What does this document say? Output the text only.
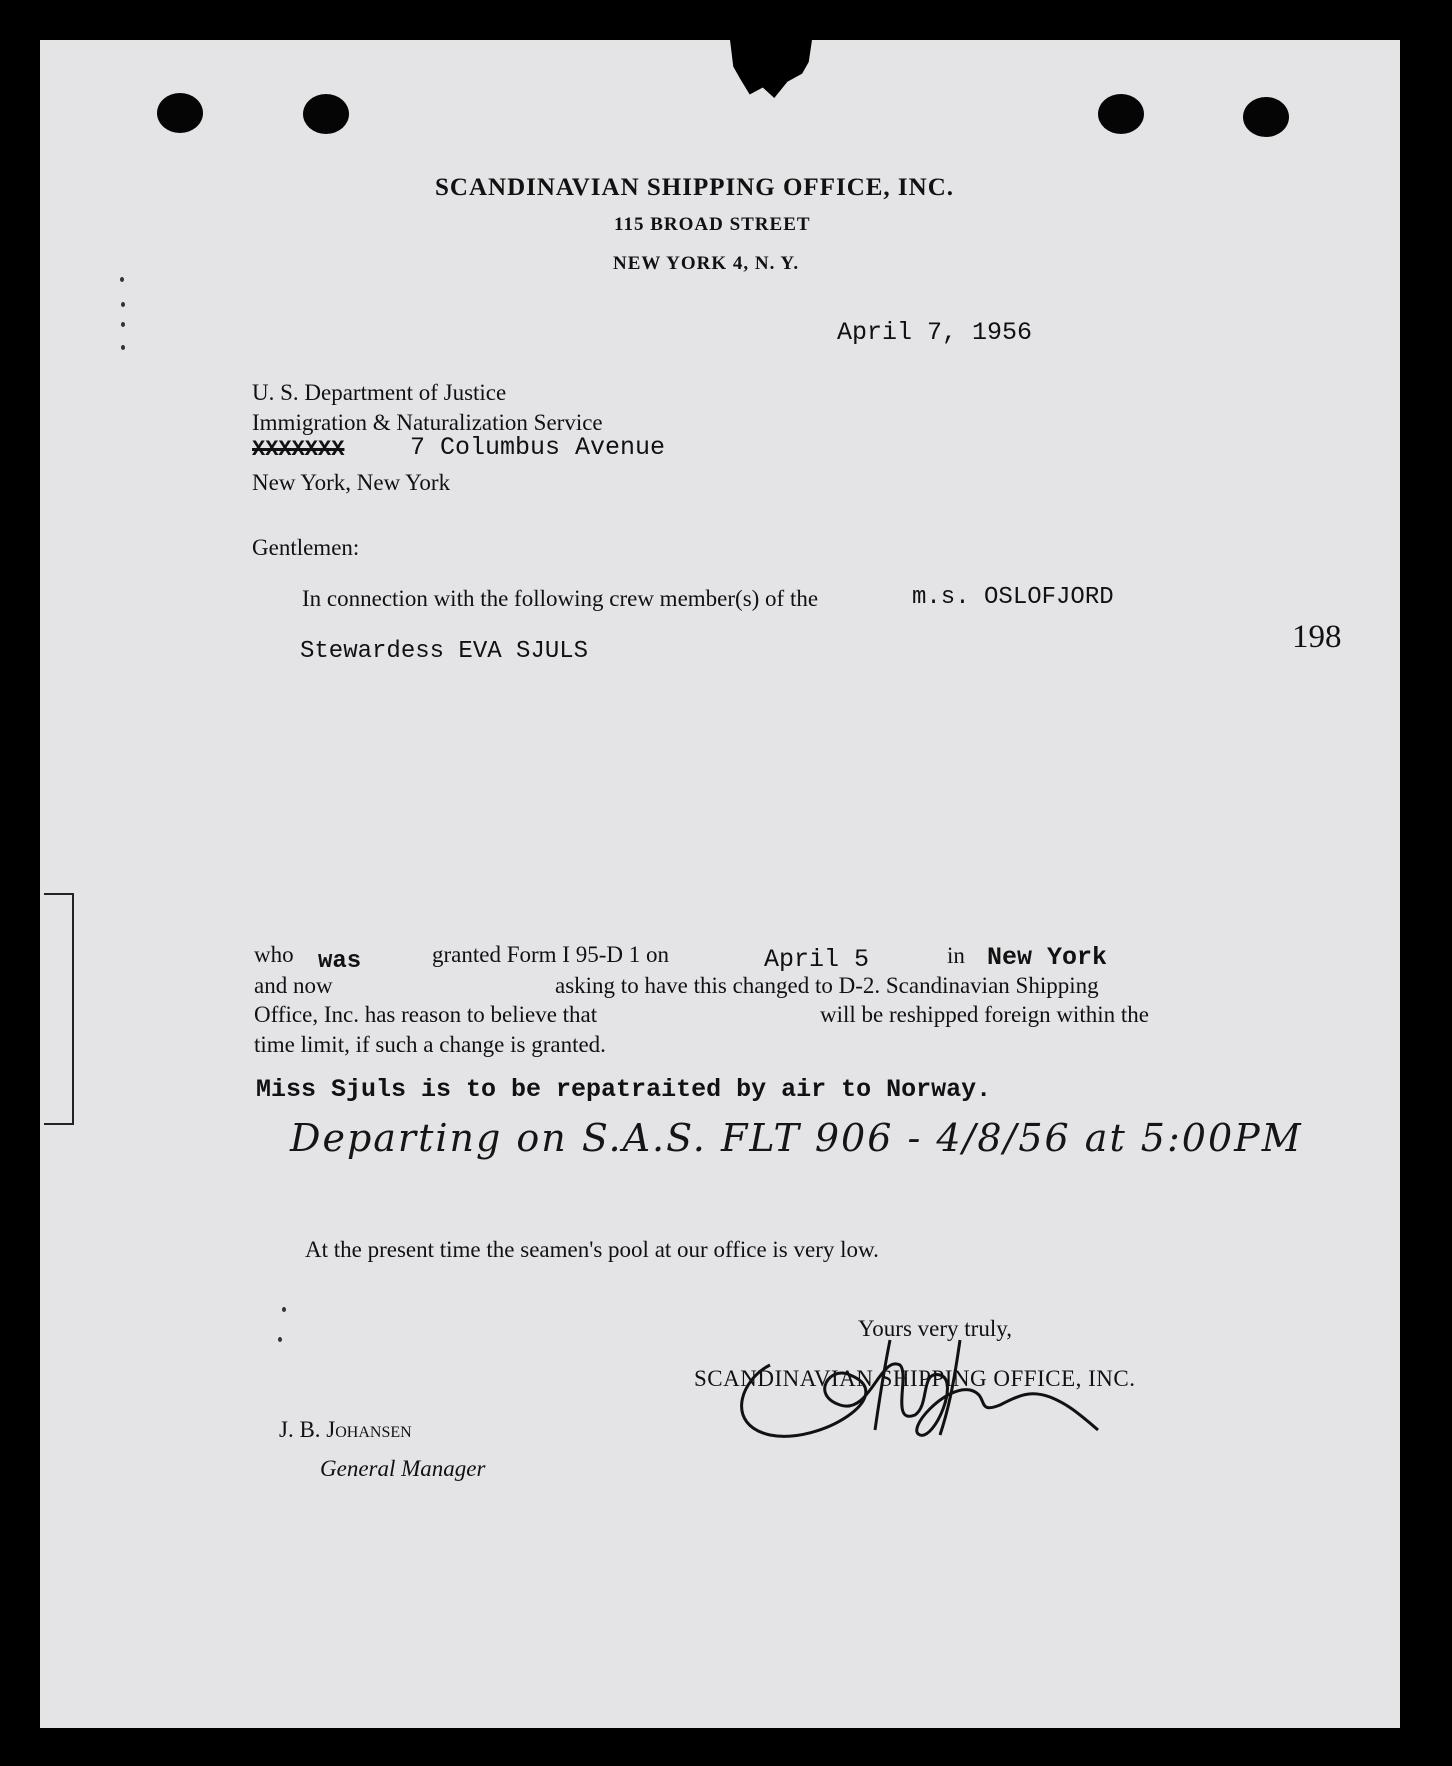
SCANDINAVIAN SHIPPING OFFICE, INC.
115 BROAD STREET
NEW YORK 4, N. Y.
April 7, 1956
U. S. Department of Justice
Immigration & Naturalization Service
XXXXXXX	7 Columbus Avenue
New York, New York
Gentlemen:
In connection with the following crew member(s) of the	m.s. OSLOFJORD
Stewardess EVA SJULS	198
who was	granted Form I 95-D 1 on	April 5	in New York
and now	asking to have this changed to D-2. Scandinavian Shipping
Office, Inc. has reason to believe that	will be reshipped foreign within the
time limit, if such a change is granted.
Miss Sjuls is to be repatraited by air to Norway.
Departing on S.A.S. FLT 906 - 4/8/56 at 5:00PM
At the present time the seamen's pool at our office is very low.
Yours very truly,
SCANDINAVIAN SHIPPING OFFICE, INC.
J. B. Johansen
General Manager
